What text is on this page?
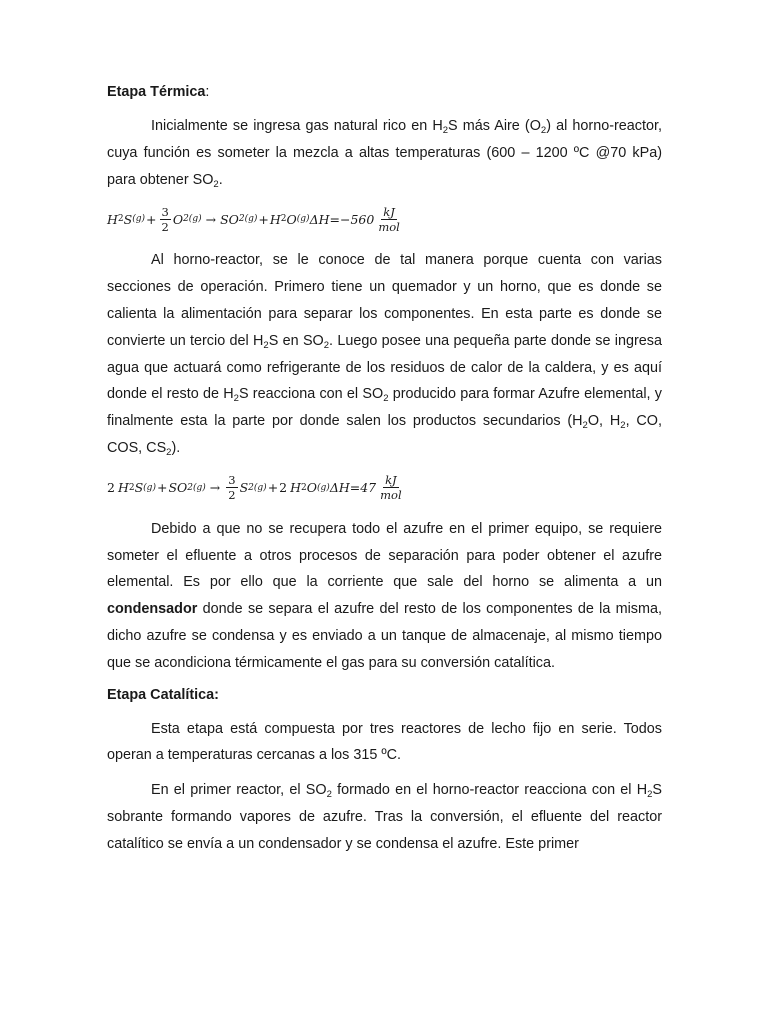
Etapa Térmica:

Inicialmente se ingresa gas natural rico en $H_2S$ más Aire $(O_2)$ al horno-reactor, cuya función es someter la mezcla a altas temperaturas (600 – 1200 ºC @70 kPa) para obtener $SO_2$.

H 2 S $(g) + \frac{3}{2}$ O 2(g) → SO 2(g) + H 2 O (g) $\Delta H=-560 \frac{kJ}{\text{mol}}$

Al horno-reactor, se le conoce de tal manera porque cuenta con varias secciones de operación. Primero tiene un quemador y un horno, que es donde se calienta la alimentación para separar los componentes. En esta parte es donde se convierte un tercio del $H_2S$ en $SO_2$. Luego posee una pequeña parte donde se ingresa agua que actuará como refrigerante de los residuos de calor de la caldera, y es aquí donde el resto de $H_2S$ reacciona con el $SO_2$ producido para formar Azufre elemental, y finalmente esta la parte por donde salen los productos secundarios ($H_2O$, $H_2$, CO, COS, $CS_2$).

2 H 2 S (g) + SO $2(g) \to \frac{3}{2}$ S 2(g) + 2 H 2 O (g) $\Delta H=47 \frac{kJ}{\text{mol}}$

Debido a que no se recupera todo el azufre en el primer equipo, se requiere someter el efluente a otros procesos de separación para poder obtener el azufre elemental. Es por ello que la corriente que sale del horno se alimenta a un condensador donde se separa el azufre del resto de los componentes de la misma, dicho azufre se condensa y es enviado a un tanque de almacenaje, al mismo tiempo que se acondiciona térmicamente el gas para su conversión catalítica.

Etapa Catalítica:

Esta etapa está compuesta por tres reactores de lecho fijo en serie. Todos operan a temperaturas cercanas a los 315 ºC.

En el primer reactor, el $SO_2$ formado en el horno-reactor reacciona con el $H_2S$ sobrante formando vapores de azufre. Tras la conversión, el efluente del reactor catalítico se envía a un condensador y se condensa el azufre. Este primer
